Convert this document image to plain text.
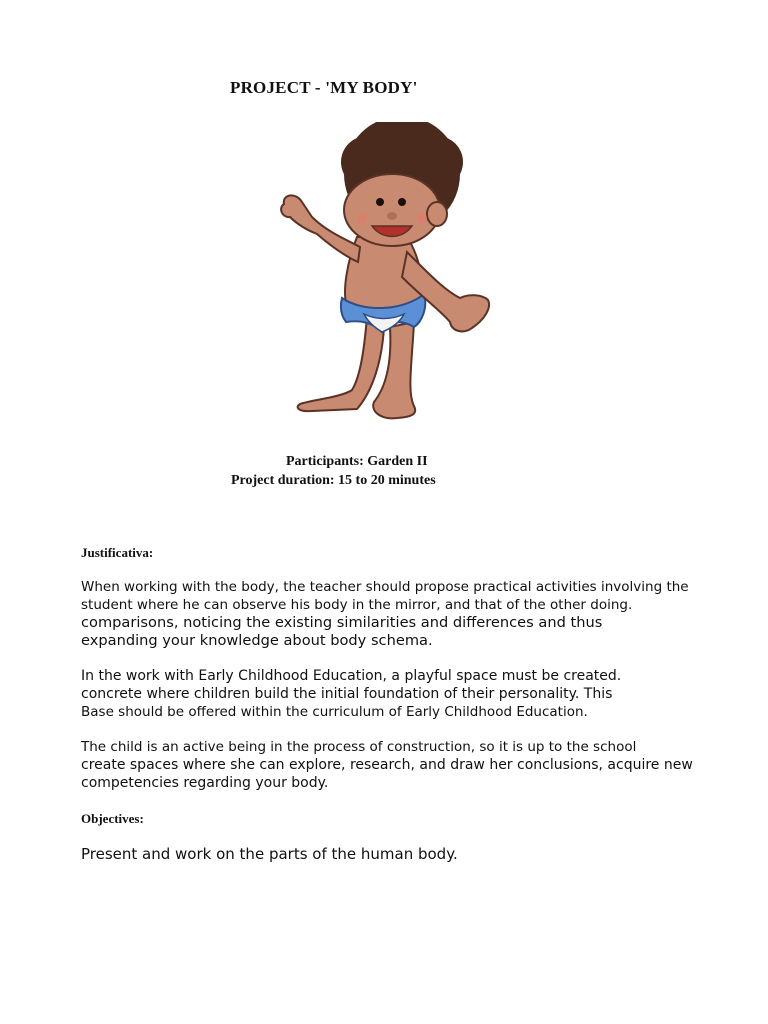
PROJECT - 'MY BODY'
Participants: Garden II
Project duration: 15 to 20 minutes
Justificativa:
When working with the body, the teacher should propose practical activities involving the
student where he can observe his body in the mirror, and that of the other doing.
comparisons, noticing the existing similarities and differences and thus
expanding your knowledge about body schema.
In the work with Early Childhood Education, a playful space must be created.
concrete where children build the initial foundation of their personality. This
Base should be offered within the curriculum of Early Childhood Education.
The child is an active being in the process of construction, so it is up to the school
create spaces where she can explore, research, and draw her conclusions, acquire new
competencies regarding your body.
Objectives:
Present and work on the parts of the human body.
